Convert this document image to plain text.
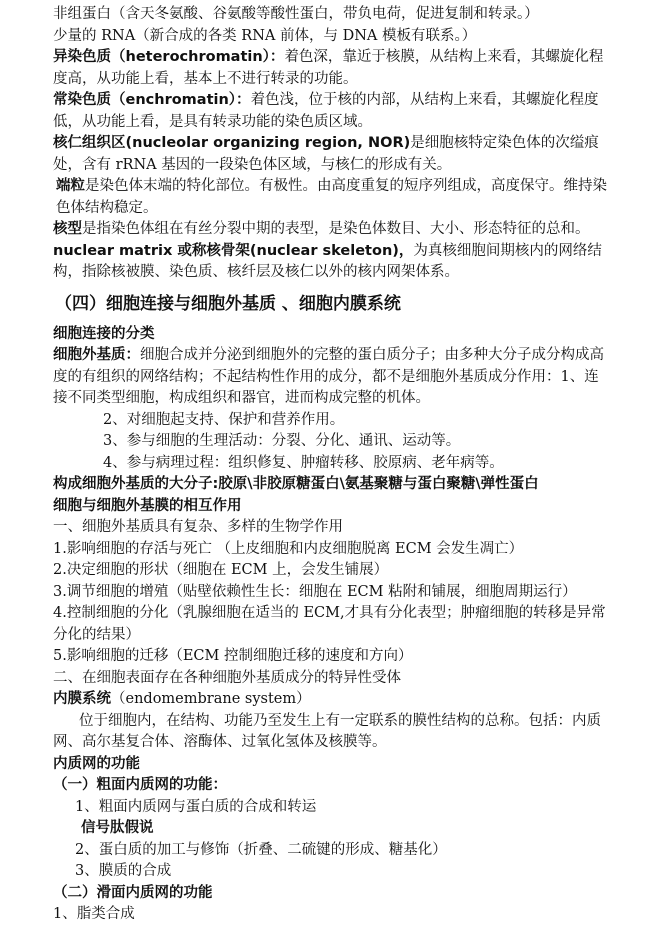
非组蛋白（含天冬氨酸、谷氨酸等酸性蛋白，带负电荷，促进复制和转录。）
少量的 RNA（新合成的各类 RNA 前体，与 DNA 模板有联系。）

异染色质（heterochromatin）：着色深，靠近于核膜，从结构上来看，其螺旋化程度高，从功能上看，基本上不进行转录的功能。

常染色质（enchromatin）：着色浅，位于核的内部，从结构上来看，其螺旋化程度低，从功能上看，是具有转录功能的染色质区域。

核仁组织区(nucleolar organizing region, NOR)是细胞核特定染色体的次缢痕处，含有 rRNA 基因的一段染色体区域，与核仁的形成有关。

端粒是染色体末端的特化部位。有极性。由高度重复的短序列组成，高度保守。维持染色体结构稳定。

核型是指染色体组在有丝分裂中期的表型，是染色体数目、大小、形态特征的总和。

nuclear matrix 或称核骨架(nuclear skeleton)，为真核细胞间期核内的网络结构，指除核被膜、染色质、核纤层及核仁以外的核内网架体系。

（四）细胞连接与细胞外基质 、细胞内膜系统
细胞连接的分类

细胞外基质：细胞合成并分泌到细胞外的完整的蛋白质分子；由多种大分子成分构成高度的有组织的网络结构；不起结构性作用的成分，都不是细胞外基质成分作用：1、连接不同类型细胞，构成组织和器官，进而构成完整的机体。

2、对细胞起支持、保护和营养作用。
3、参与细胞的生理活动：分裂、分化、通讯、运动等。
4、参与病理过程：组织修复、肿瘤转移、胶原病、老年病等。
构成细胞外基质的大分子:胶原\非胶原糖蛋白\氨基聚糖与蛋白聚糖\弹性蛋白
细胞与细胞外基膜的相互作用
一、细胞外基质具有复杂、多样的生物学作用
1.影响细胞的存活与死亡 （上皮细胞和内皮细胞脱离 ECM 会发生凋亡）
2.决定细胞的形状（细胞在 ECM 上，会发生铺展）
3.调节细胞的增殖（贴壁依赖性生长：细胞在 ECM 粘附和铺展，细胞周期运行）

4.控制细胞的分化（乳腺细胞在适当的 ECM,才具有分化表型；肿瘤细胞的转移是异常分化的结果）

5.影响细胞的迁移（ECM 控制细胞迁移的速度和方向）
二、在细胞表面存在各种细胞外基质成分的特异性受体
内膜系统（endomembrane system）

位于细胞内，在结构、功能乃至发生上有一定联系的膜性结构的总称。包括：内质网、高尔基复合体、溶酶体、过氧化氢体及核膜等。

内质网的功能
（一）粗面内质网的功能：
1、粗面内质网与蛋白质的合成和转运
信号肽假说
2、蛋白质的加工与修饰（折叠、二硫键的形成、糖基化）
3、膜质的合成
（二）滑面内质网的功能
1、脂类合成
